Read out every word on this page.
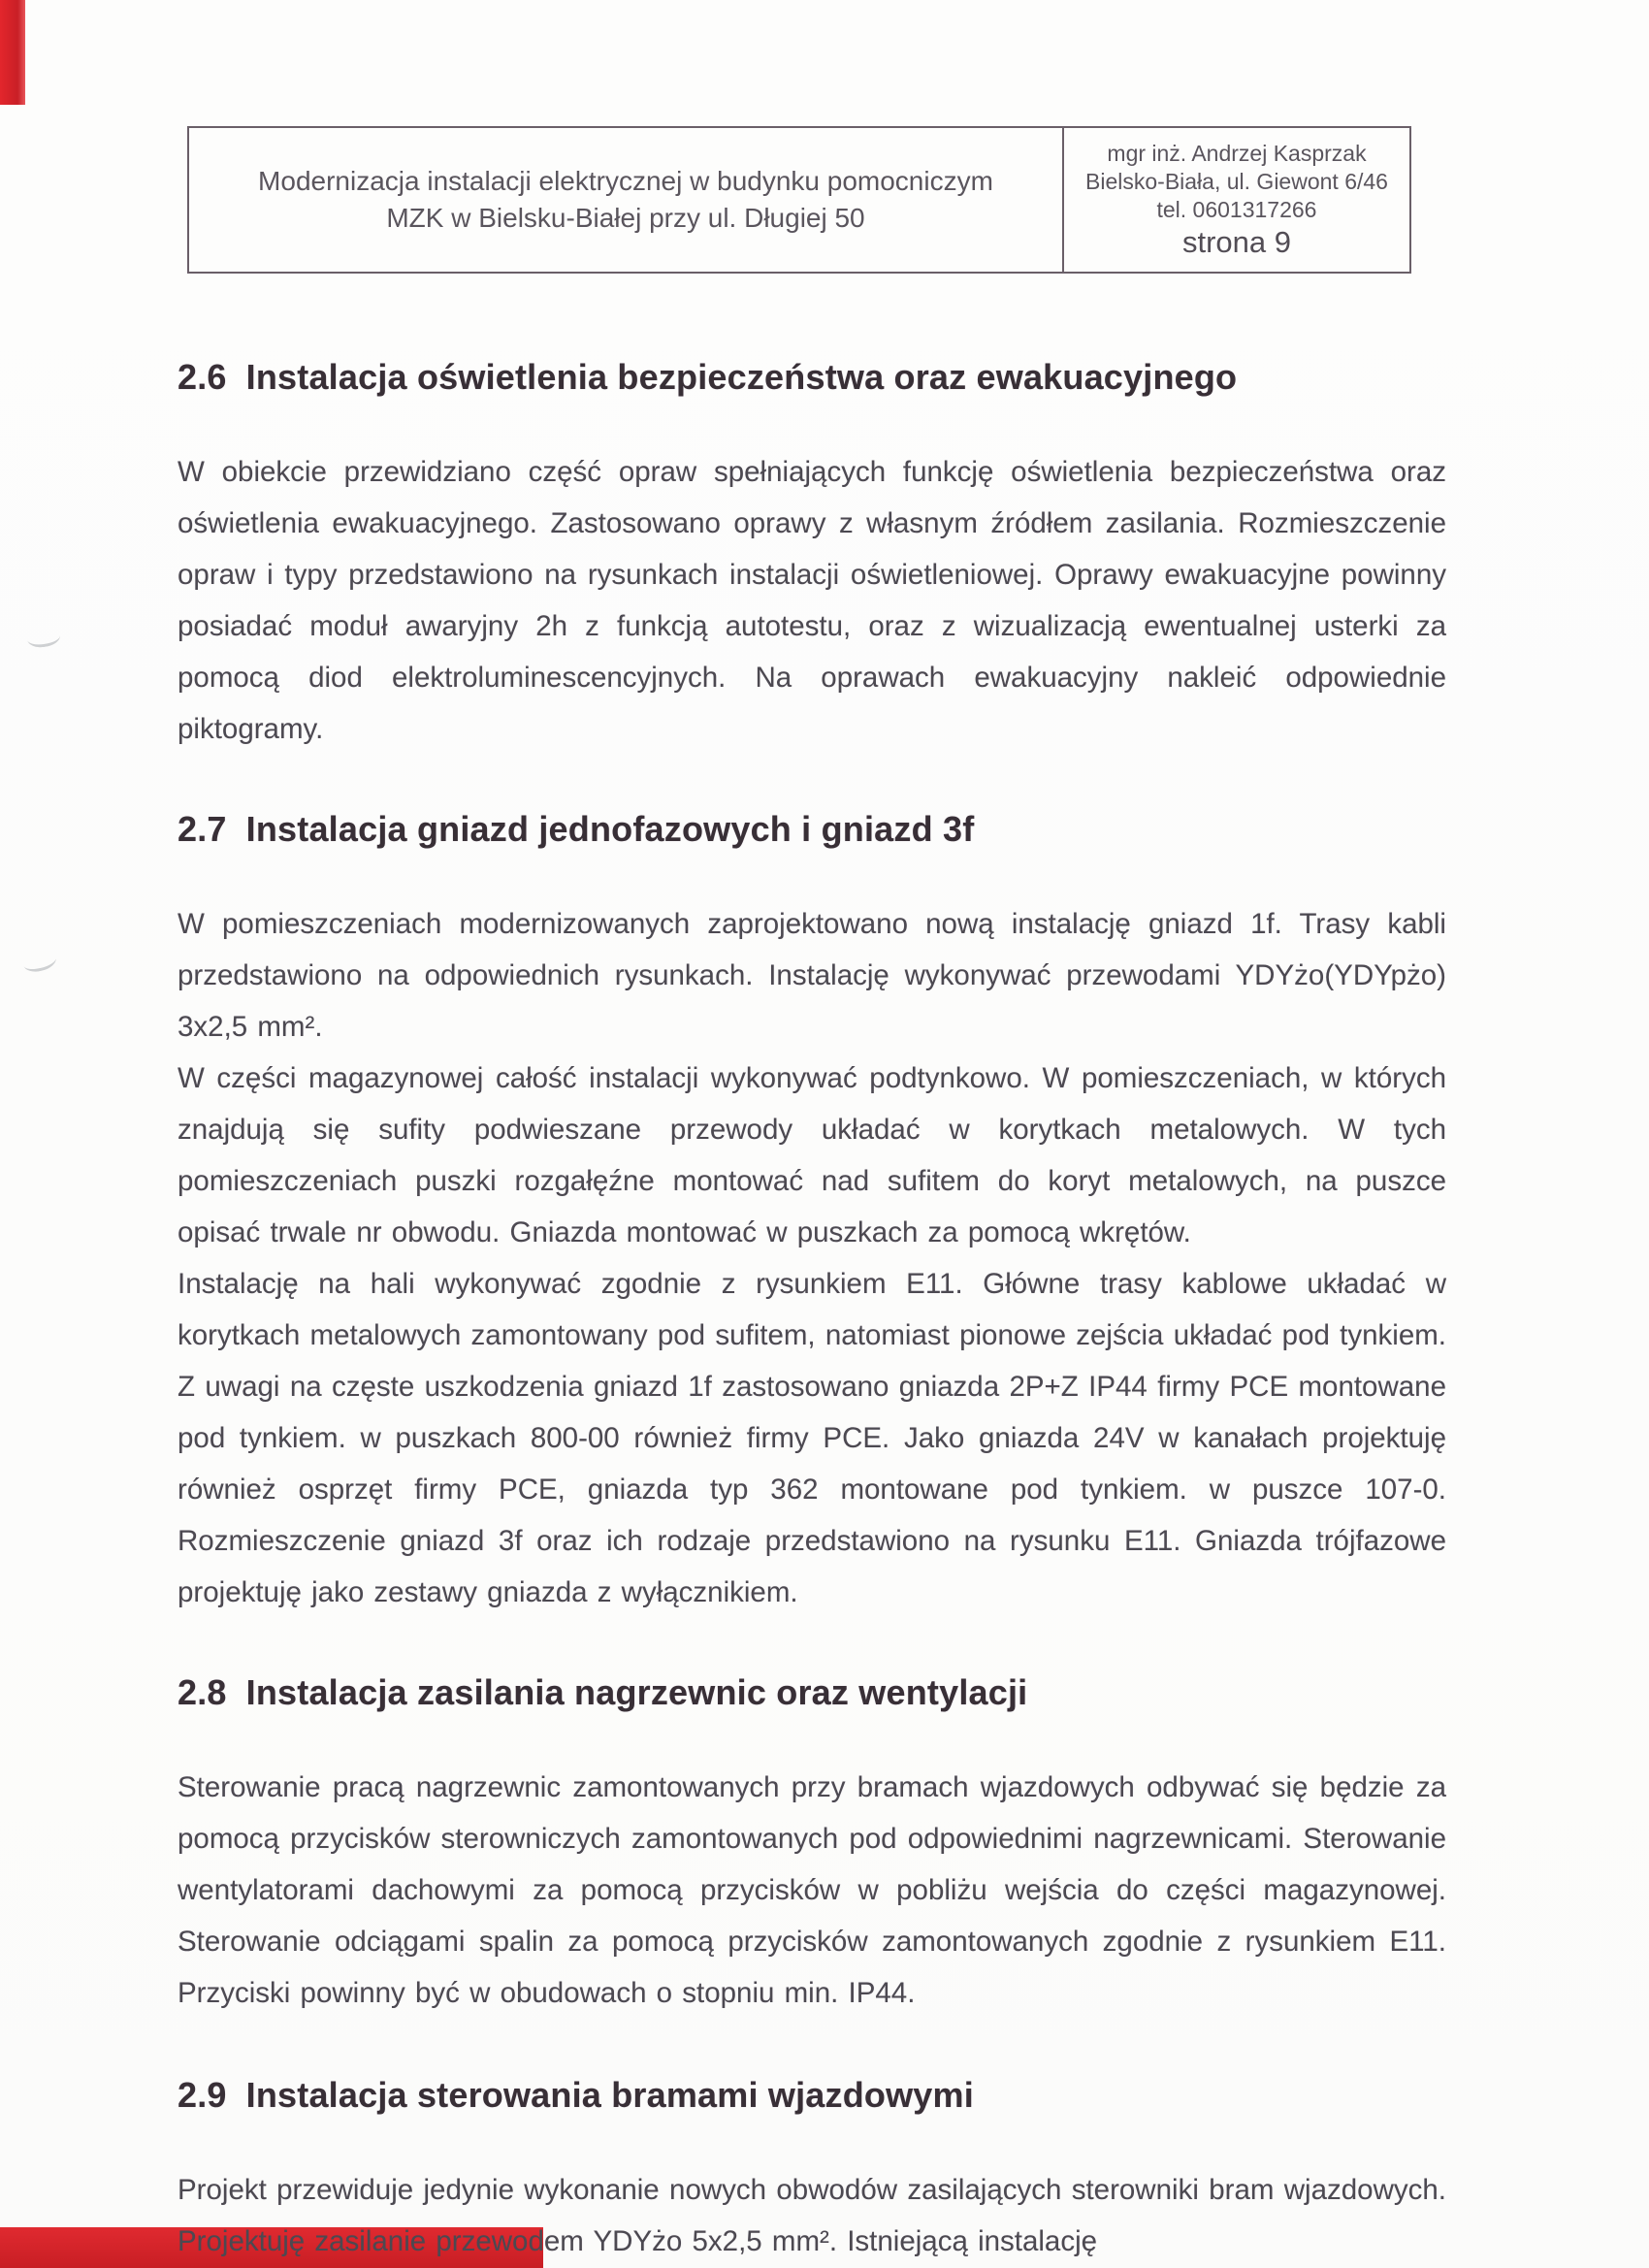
Modernizacja instalacji elektrycznej w budynku pomocniczym
MZK w Bielsku-Białej przy ul. Długiej 50
mgr inż. Andrzej Kasprzak
Bielsko-Biała, ul. Giewont 6/46
tel. 0601317266
strona 9
2.6 Instalacja oświetlenia bezpieczeństwa oraz ewakuacyjnego

W obiekcie przewidziano część opraw spełniających funkcję oświetlenia bezpieczeństwa oraz oświetlenia ewakuacyjnego. Zastosowano oprawy z własnym źródłem zasilania. Rozmieszczenie opraw i typy przedstawiono na rysunkach instalacji oświetleniowej. Oprawy ewakuacyjne powinny posiadać moduł awaryjny 2h z funkcją autotestu, oraz z wizualizacją ewentualnej usterki za pomocą diod elektroluminescencyjnych. Na oprawach ewakuacyjny nakleić odpowiednie piktogramy.

2.7 Instalacja gniazd jednofazowych i gniazd 3f

W pomieszczeniach modernizowanych zaprojektowano nową instalację gniazd 1f. Trasy kabli przedstawiono na odpowiednich rysunkach. Instalację wykonywać przewodami YDYżo(YDYpżo) 3x2,5 mm².

W części magazynowej całość instalacji wykonywać podtynkowo. W pomieszczeniach, w których znajdują się sufity podwieszane przewody układać w korytkach metalowych. W tych pomieszczeniach puszki rozgałęźne montować nad sufitem do koryt metalowych, na puszce opisać trwale nr obwodu. Gniazda montować w puszkach za pomocą wkrętów.

Instalację na hali wykonywać zgodnie z rysunkiem E11. Główne trasy kablowe układać w korytkach metalowych zamontowany pod sufitem, natomiast pionowe zejścia układać pod tynkiem. Z uwagi na częste uszkodzenia gniazd 1f zastosowano gniazda 2P+Z IP44 firmy PCE montowane pod tynkiem. w puszkach 800-00 również firmy PCE. Jako gniazda 24V w kanałach projektuję również osprzęt firmy PCE, gniazda typ 362 montowane pod tynkiem. w puszce 107-0. Rozmieszczenie gniazd 3f oraz ich rodzaje przedstawiono na rysunku E11. Gniazda trójfazowe projektuję jako zestawy gniazda z wyłącznikiem.

2.8 Instalacja zasilania nagrzewnic oraz wentylacji

Sterowanie pracą nagrzewnic zamontowanych przy bramach wjazdowych odbywać się będzie za pomocą przycisków sterowniczych zamontowanych pod odpowiednimi nagrzewnicami. Sterowanie wentylatorami dachowymi za pomocą przycisków w pobliżu wejścia do części magazynowej. Sterowanie odciągami spalin za pomocą przycisków zamontowanych zgodnie z rysunkiem E11. Przyciski powinny być w obudowach o stopniu min. IP44.

2.9 Instalacja sterowania bramami wjazdowymi

Projekt przewiduje jedynie wykonanie nowych obwodów zasilających sterowniki bram wjazdowych. Projektuję zasilanie przewodem YDYżo 5x2,5 mm². Istniejącą instalację
